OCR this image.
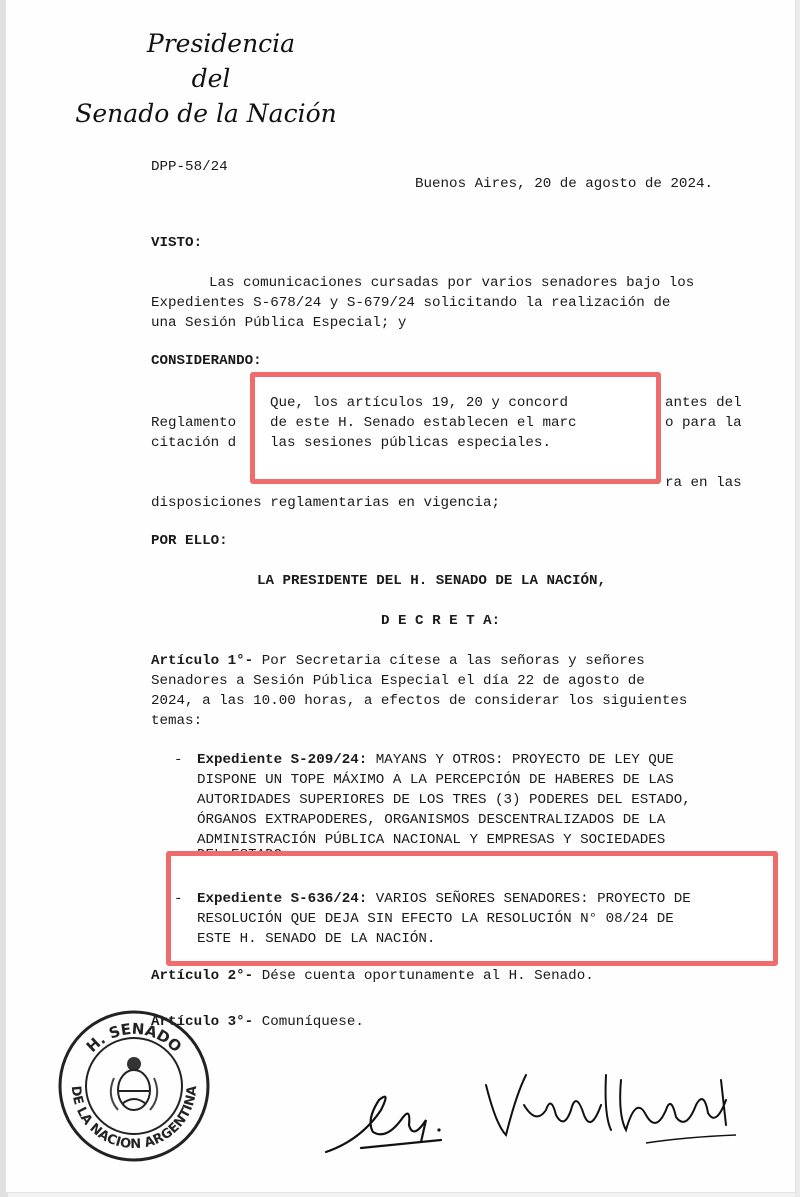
Presidencia
del
Senado de la Nación
DPP-58/24
Buenos Aires, 20 de agosto de 2024.
VISTO:
Las comunicaciones cursadas por varios senadores bajo los
Expedientes S-678/24 y S-679/24 solicitando la realización de
una Sesión Pública Especial; y
CONSIDERANDO:
Reglamento
citación d
Que, los artículos 19, 20 y concord	antes del
de este H. Senado establecen el marc	o para la
las sesiones públicas especiales.
ra en las
disposiciones reglamentarias en vigencia;
POR ELLO:
LA PRESIDENTE DEL H. SENADO DE LA NACIÓN,
D E C R E T A:
Artículo 1°- Por Secretaria cítese a las señoras y señores
Senadores a Sesión Pública Especial el día 22 de agosto de
2024, a las 10.00 horas, a efectos de considerar los siguientes
temas:
- Expediente S-209/24: MAYANS Y OTROS: PROYECTO DE LEY QUE
DISPONE UN TOPE MÁXIMO A LA PERCEPCIÓN DE HABERES DE LAS
AUTORIDADES SUPERIORES DE LOS TRES (3) PODERES DEL ESTADO,
ÓRGANOS EXTRAPODERES, ORGANISMOS DESCENTRALIZADOS DE LA
ADMINISTRACIÓN PÚBLICA NACIONAL Y EMPRESAS Y SOCIEDADES
- Expediente S-636/24: VARIOS SEÑORES SENADORES: PROYECTO DE
RESOLUCIÓN QUE DEJA SIN EFECTO LA RESOLUCIÓN N° 08/24 DE
ESTE H. SENADO DE LA NACIÓN.
Artículo 2°- Dése cuenta oportunamente al H. Senado.
Artículo 3°- Comuníquese.
H. SENADO
DE LA NACION ARGENTINA
